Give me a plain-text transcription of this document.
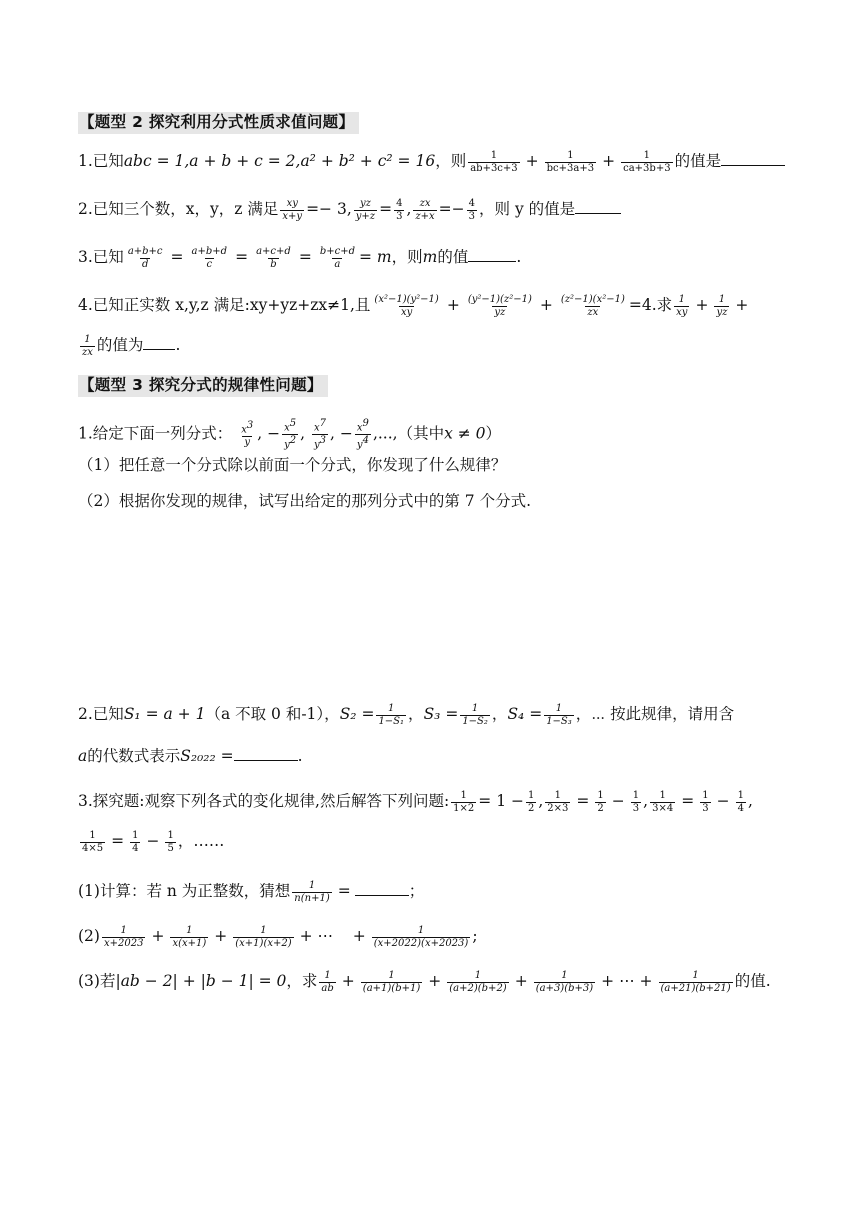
【题型 2 探究利用分式性质求值问题】
1.已知abc = 1,a + b + c = 2,a² + b² + c² = 16，则 $\frac{1}{ab+3c+3} + \frac{1}{bc+3a+3} + \frac{1}{ca+3b+3}$ 的值是
2.已知三个数，x，y，z 满足 $\frac{xy}{x+y} =- 3$, $\frac{yz}{y+z} = \frac{4}{3}$ , $\frac{zx}{z+x} =- \frac{4}{3}$ ，则 y 的值是
3.已知 $\frac{a+b+c}{d} = \frac{a+b+d}{c} = \frac{a+c+d}{b} = \frac{b+c+d}{a} = m$，则m的值	.
4.已知正实数 x,y,z 满足:xy+yz+zx≠1,且 $\frac{\text{(x²−1)(y²−1)}}{xy} + \frac{\text{(y²−1)(z²−1)}}{yz} + \frac{\text{(z²−1)(x²−1)}}{zx} =4$.求 $\frac{1}{xy} + \frac{1}{yz}$ +
$\frac{1}{zx}$ 的值为 .
【题型 3 探究分式的规律性问题】
1.给定下面一列分式： $\frac{x3}{y}$ , − $\frac{x5}{y2}$ , $\frac{x7}{y3}$ , − $\frac{x9}{y4}$ ,...,（其中x ≠ 0）
（1）把任意一个分式除以前面一个分式，你发现了什么规律？
（2）根据你发现的规律，试写出给定的那列分式中的第 7 个分式.
2.已知S₁ = a + 1（a 不取 0 和-1），$S_2 = \frac{1}{\text{1−S₁}}$ ，$S_3 = \frac{1}{\text{1−S₂}}$ ，$S_4 = \frac{1}{\text{1−S₃}}$ ，⋯ 按此规律，请用含
a的代数式表示S₂₀₂₂ =	.
3.探究题:观察下列各式的变化规律,然后解答下列问题: $\frac{1}{1\times 2} = 1 - \frac{1}{2}$ , $\frac{1}{2\times 3} = \frac{1}{2} - \frac{1}{3}$ , $\frac{1}{3\times 4} = \frac{1}{3} - \frac{1}{4}$ ,
$\frac{1}{4\times 5} = \frac{1}{4} - \frac{1}{5}$ ，……
(1)计算：若 n 为正整数，猜想 $\frac{1}{n(n+1)}$ =	；
$(2) \frac{1}{x+2023} + \frac{1}{x(x+1)} + \frac{1}{(x+1)(x+2)}$ + ⋯    + $\frac{1}{(x+2022)(x+2023)}$ ;
(3)若|ab − 2| + |b − 1| = 0，求 $\frac{1}{ab} + \frac{1}{(a+1)(b+1)} + \frac{1}{(a+2)(b+2)} + \frac{1}{(a+3)(b+3)}$ + ⋯ + $\frac{1}{(a+21)(b+21)}$ 的值.
